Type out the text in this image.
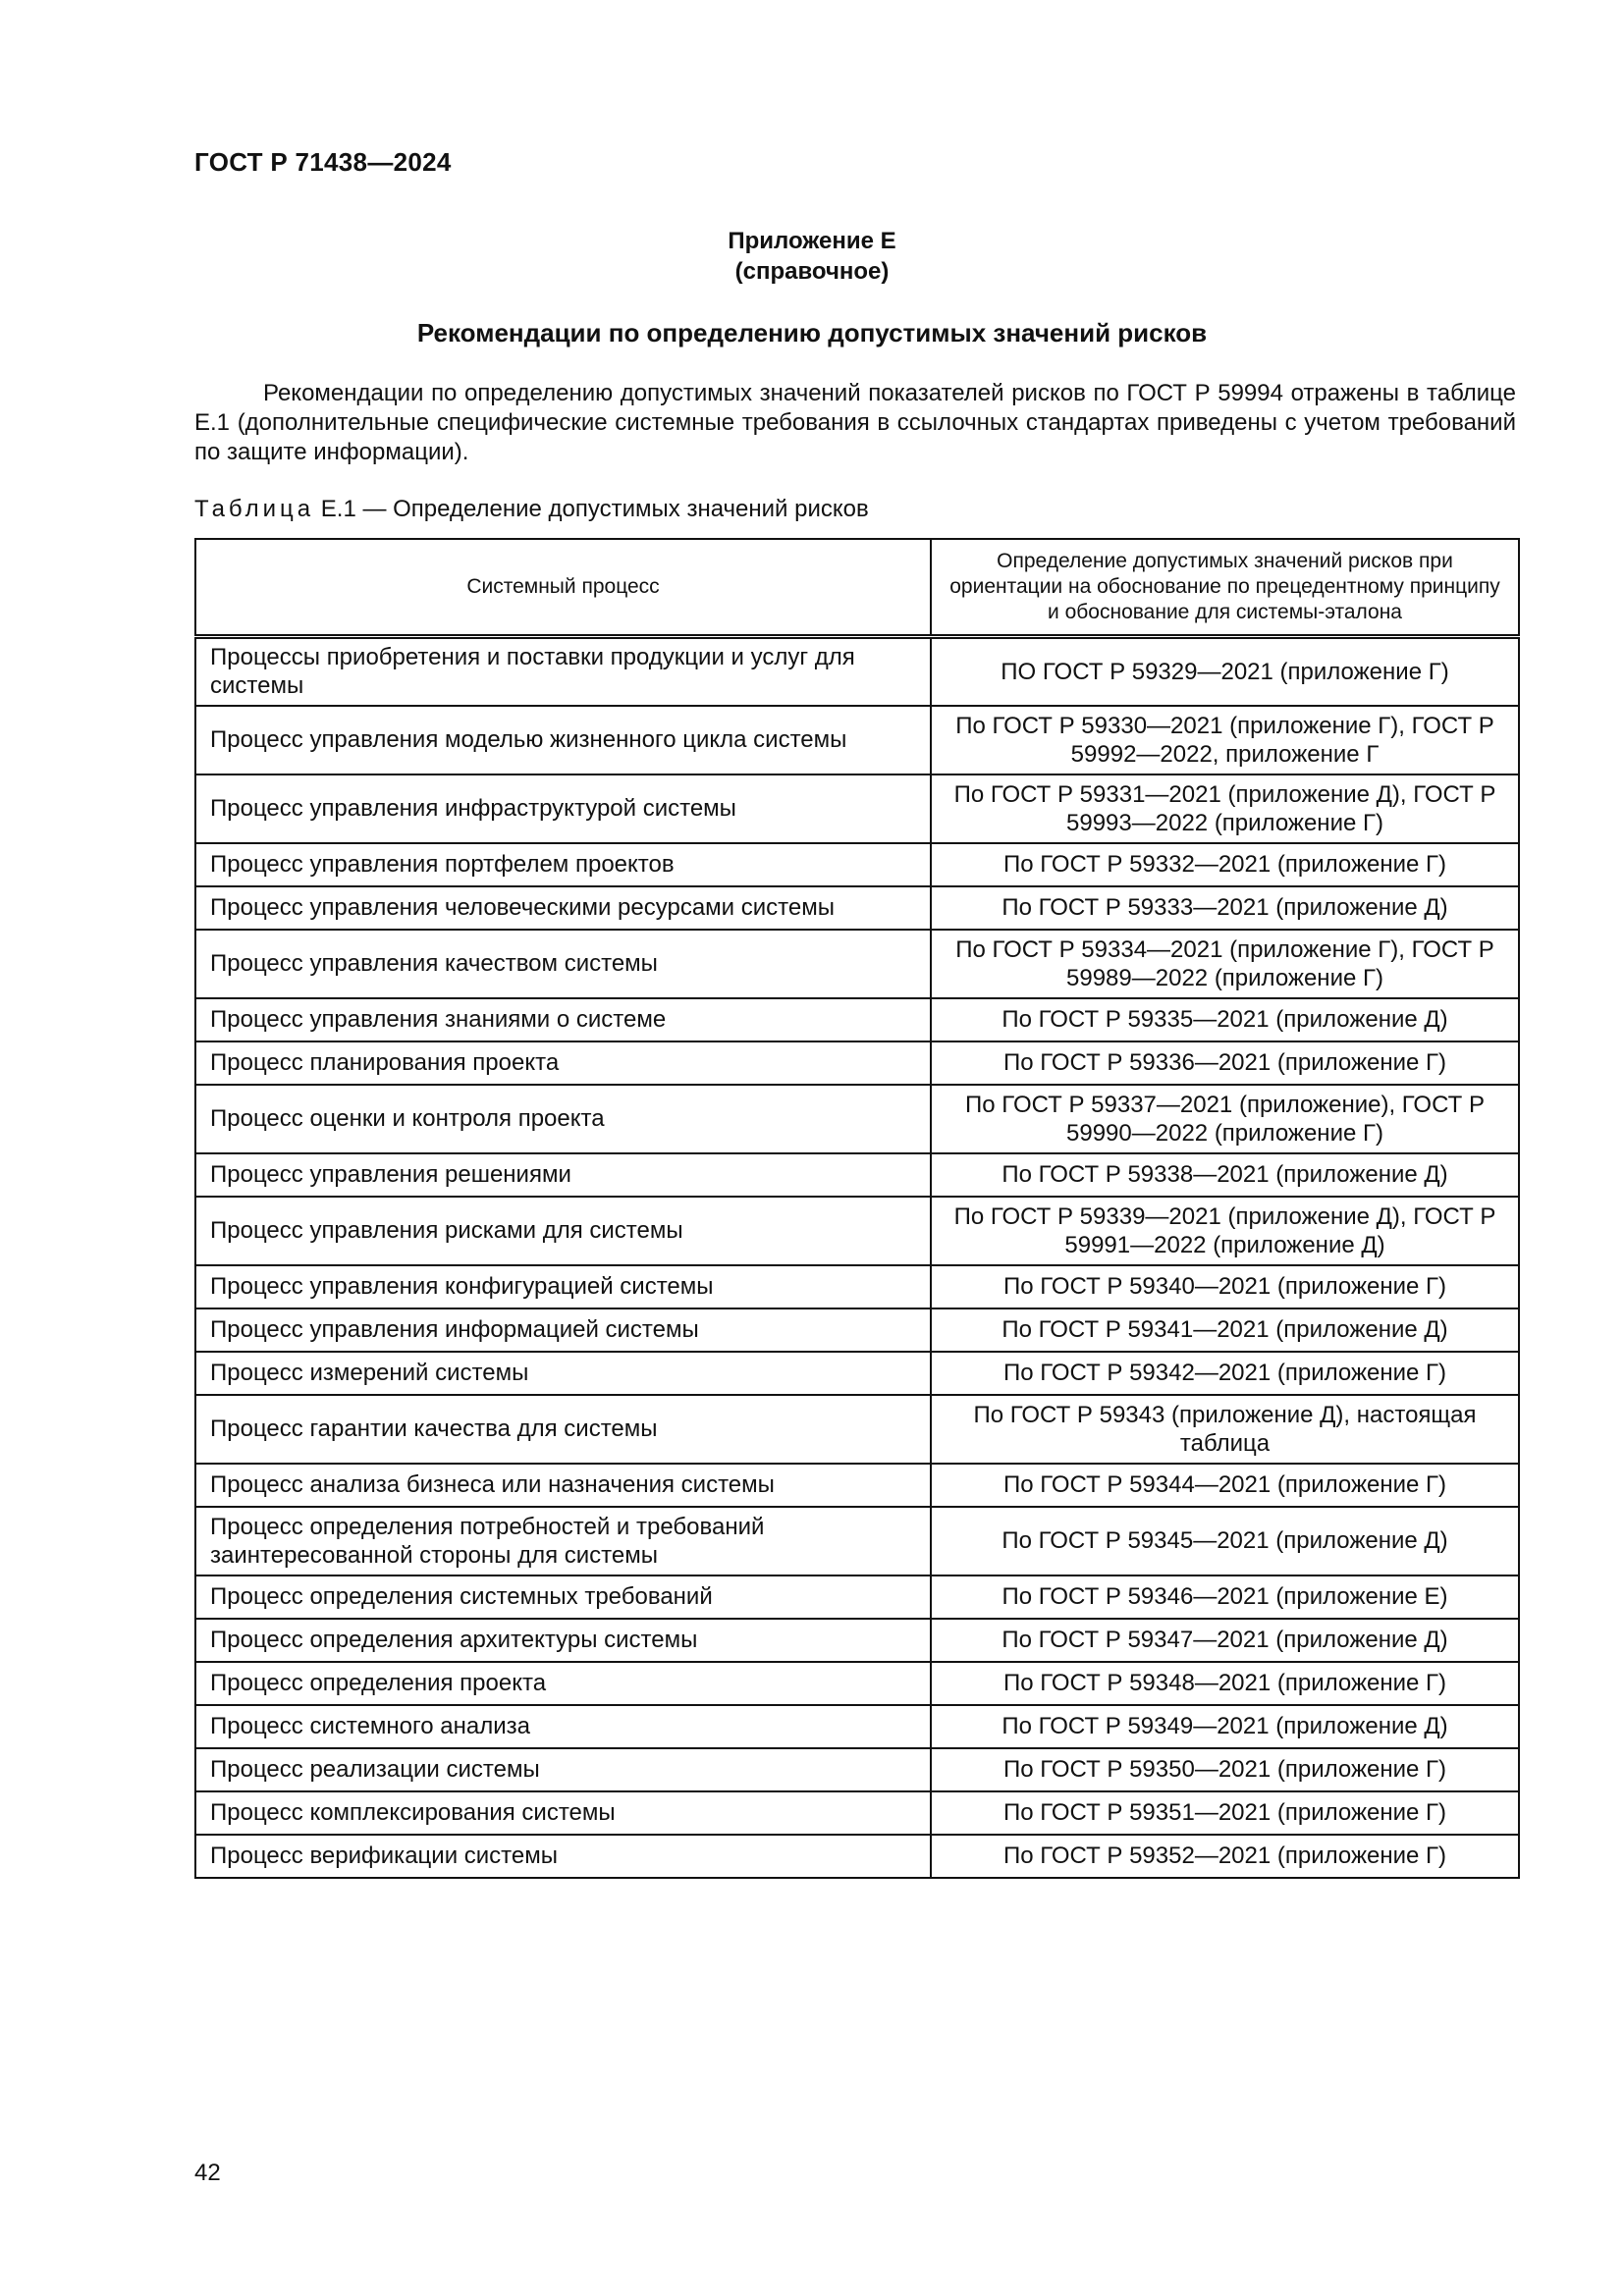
ГОСТ Р 71438—2024
Приложение Е
(справочное)
Рекомендации по определению допустимых значений рисков

Рекомендации по определению допустимых значений показателей рисков по ГОСТ Р 59994 отражены в таблице Е.1 (дополнительные специфические системные требования в ссылочных стандартах приведены с учетом требований по защите информации).

Таблица Е.1 — Определение допустимых значений рисков
Системный процесс	Определение допустимых значений рисков при ориентации на обоснование по прецедентному принципу и обоснование для системы-эталона
Процессы приобретения и поставки продукции и услуг для системы	ПО ГОСТ Р 59329—2021 (приложение Г)
Процесс управления моделью жизненного цикла системы	По ГОСТ Р 59330—2021 (приложение Г), ГОСТ Р 59992—2022, приложение Г
Процесс управления инфраструктурой системы	По ГОСТ Р 59331—2021 (приложение Д), ГОСТ Р 59993—2022 (приложение Г)
Процесс управления портфелем проектов	По ГОСТ Р 59332—2021 (приложение Г)
Процесс управления человеческими ресурсами системы	По ГОСТ Р 59333—2021 (приложение Д)
Процесс управления качеством системы	По ГОСТ Р 59334—2021 (приложение Г), ГОСТ Р 59989—2022 (приложение Г)
Процесс управления знаниями о системе	По ГОСТ Р 59335—2021 (приложение Д)
Процесс планирования проекта	По ГОСТ Р 59336—2021 (приложение Г)
Процесс оценки и контроля проекта	По ГОСТ Р 59337—2021 (приложение), ГОСТ Р 59990—2022 (приложение Г)
Процесс управления решениями	По ГОСТ Р 59338—2021 (приложение Д)
Процесс управления рисками для системы	По ГОСТ Р 59339—2021 (приложение Д), ГОСТ Р 59991—2022 (приложение Д)
Процесс управления конфигурацией системы	По ГОСТ Р 59340—2021 (приложение Г)
Процесс управления информацией системы	По ГОСТ Р 59341—2021 (приложение Д)
Процесс измерений системы	По ГОСТ Р 59342—2021 (приложение Г)
Процесс гарантии качества для системы	По ГОСТ Р 59343 (приложение Д), настоящая таблица
Процесс анализа бизнеса или назначения системы	По ГОСТ Р 59344—2021 (приложение Г)
Процесс определения потребностей и требований заинтересованной стороны для системы	По ГОСТ Р 59345—2021 (приложение Д)
Процесс определения системных требований	По ГОСТ Р 59346—2021 (приложение Е)
Процесс определения архитектуры системы	По ГОСТ Р 59347—2021 (приложение Д)
Процесс определения проекта	По ГОСТ Р 59348—2021 (приложение Г)
Процесс системного анализа	По ГОСТ Р 59349—2021 (приложение Д)
Процесс реализации системы	По ГОСТ Р 59350—2021 (приложение Г)
Процесс комплексирования системы	По ГОСТ Р 59351—2021 (приложение Г)
Процесс верификации системы	По ГОСТ Р 59352—2021 (приложение Г)
42
